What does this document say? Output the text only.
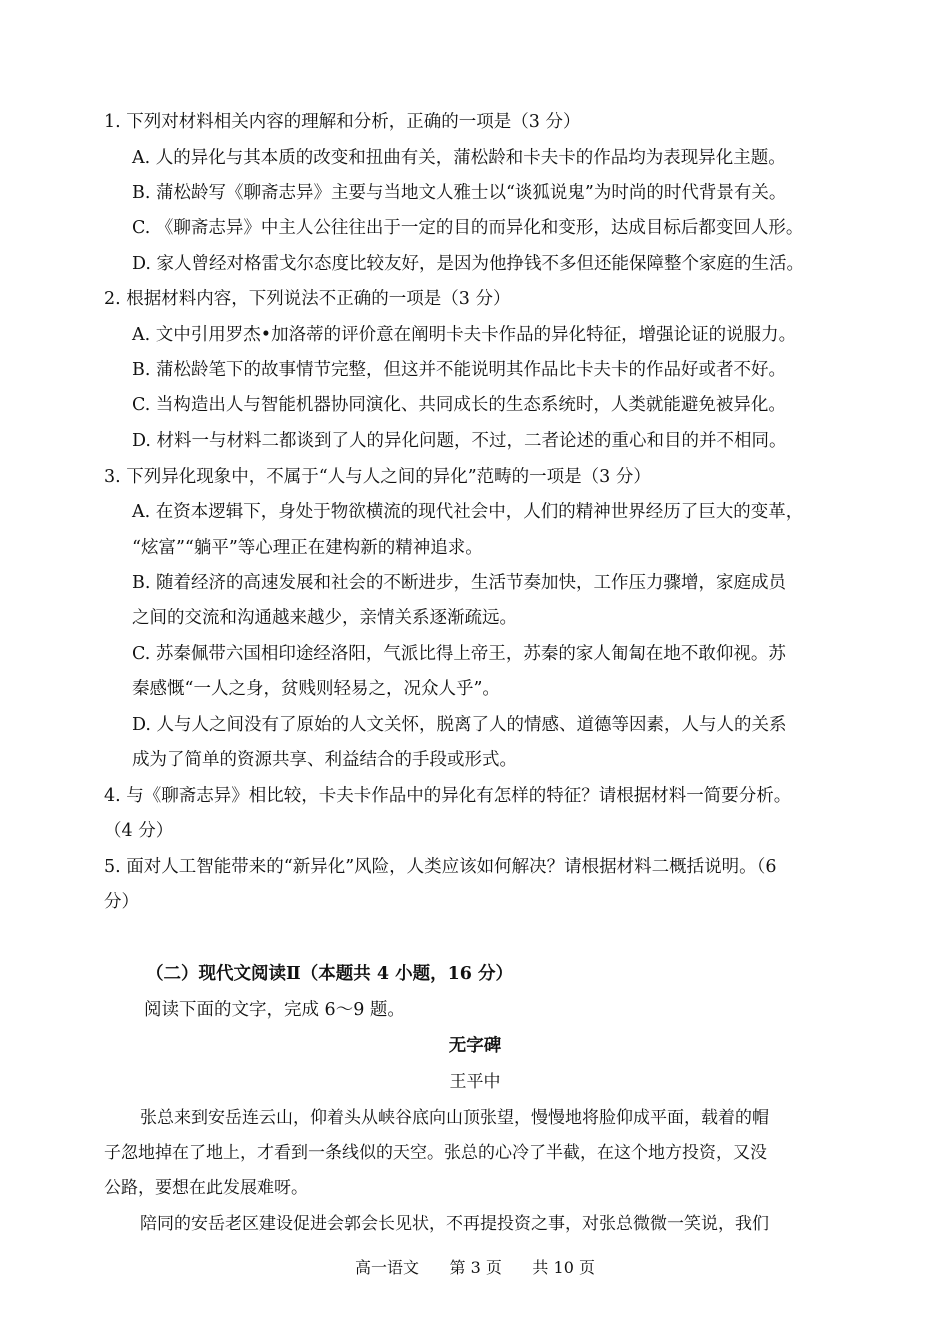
1. 下列对材料相关内容的理解和分析，正确的一项是（3 分）
A. 人的异化与其本质的改变和扭曲有关，蒲松龄和卡夫卡的作品均为表现异化主题。
B. 蒲松龄写《聊斋志异》主要与当地文人雅士以“谈狐说鬼”为时尚的时代背景有关。
C. 《聊斋志异》中主人公往往出于一定的目的而异化和变形，达成目标后都变回人形。
D. 家人曾经对格雷戈尔态度比较友好，是因为他挣钱不多但还能保障整个家庭的生活。
2. 根据材料内容，下列说法不正确的一项是（3 分）
A. 文中引用罗杰•加洛蒂的评价意在阐明卡夫卡作品的异化特征，增强论证的说服力。
B. 蒲松龄笔下的故事情节完整，但这并不能说明其作品比卡夫卡的作品好或者不好。
C. 当构造出人与智能机器协同演化、共同成长的生态系统时，人类就能避免被异化。
D. 材料一与材料二都谈到了人的异化问题，不过，二者论述的重心和目的并不相同。
3. 下列异化现象中，不属于“人与人之间的异化”范畴的一项是（3 分）
A. 在资本逻辑下，身处于物欲横流的现代社会中，人们的精神世界经历了巨大的变革，
“炫富”“躺平”等心理正在建构新的精神追求。
B. 随着经济的高速发展和社会的不断进步，生活节奏加快，工作压力骤增，家庭成员
之间的交流和沟通越来越少，亲情关系逐渐疏远。
C. 苏秦佩带六国相印途经洛阳，气派比得上帝王，苏秦的家人匍匐在地不敢仰视。苏
秦感慨“一人之身，贫贱则轻易之，况众人乎”。
D. 人与人之间没有了原始的人文关怀，脱离了人的情感、道德等因素，人与人的关系
成为了简单的资源共享、利益结合的手段或形式。
4. 与《聊斋志异》相比较，卡夫卡作品中的异化有怎样的特征？请根据材料一简要分析。
（4 分）
5. 面对人工智能带来的“新异化”风险，人类应该如何解决？请根据材料二概括说明。（6
分）
（二）现代文阅读Ⅱ（本题共 4 小题，16 分）
阅读下面的文字，完成 6～9 题。
无字碑
王平中
张总来到安岳连云山，仰着头从峡谷底向山顶张望，慢慢地将脸仰成平面，载着的帽
子忽地掉在了地上，才看到一条线似的天空。张总的心冷了半截，在这个地方投资，又没
公路，要想在此发展难呀。
陪同的安岳老区建设促进会郭会长见状，不再提投资之事，对张总微微一笑说，我们
高一语文 第 3 页 共 10 页
